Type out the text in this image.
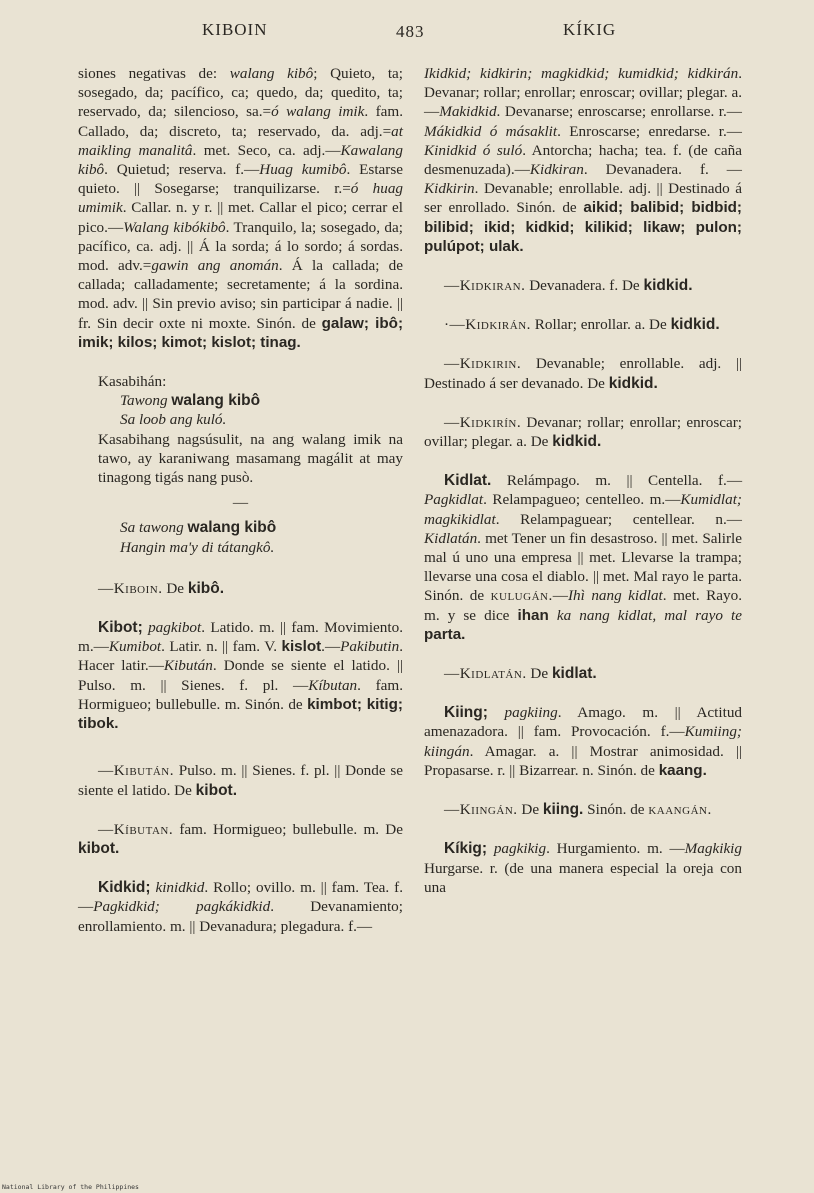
KIBOIN	483	KÍKIG

siones negativas de: walang kibô; Quieto, ta; sosegado, da; pacífico, ca; quedo, da; quedito, ta; reservado, da; silencioso, sa.=ó walang imik. fam. Callado, da; discreto, ta; reservado, da. adj.=at maikling manalitâ. met. Seco, ca. adj.—Kawalang kibô. Quietud; reserva. f.—Huag kumibô. Estarse quieto. || Sosegarse; tranquilizarse. r.=ó huag umimik. Callar. n. y r. || met. Callar el pico; cerrar el pico.—Walang kibókibô. Tranquilo, la; sosegado, da; pacífico, ca. adj. || Á la sorda; á lo sordo; á sordas. mod. adv.=gawin ang anomán. Á la callada; de callada; calladamente; secretamente; á la sordina. mod. adv. || Sin previo aviso; sin participar á nadie. || fr. Sin decir oxte ni moxte. Sinón. de galaw; ibô; imik; kilos; kimot; kislot; tinag.

Kasabihán:

Tawong walang kibô
Sa loob ang kuló.

Kasabihang nagsúsulit, na ang walang imik na tawo, ay karaniwang masamang magálit at may tinagong tigás nang pusò.

—

Sa tawong walang kibô
Hangin ma'y di tátangkô.

—Kiboin. De kibô.

Kibot; pagkibot. Latido. m. || fam. Movimiento. m.—Kumibot. Latir. n. || fam. V. kislot.—Pakibutin. Hacer latir.—Kibután. Donde se siente el latido. || Pulso. m. || Sienes. f. pl. —Kíbutan. fam. Hormigueo; bullebulle. m. Sinón. de kimbot; kitig; tibok.

—Kibután. Pulso. m. || Sienes. f. pl. || Donde se siente el latido. De kibot.

—Kíbutan. fam. Hormigueo; bullebulle. m. De kibot.

Kidkid; kinidkid. Rollo; ovillo. m. || fam. Tea. f.—Pagkidkid; pagkákidkid. Devanamiento; enrollamiento. m. || Devanadura; plegadura. f.—

Ikidkid; kidkirin; magkidkid; kumidkid; kidkirán. Devanar; rollar; enrollar; enroscar; ovillar; plegar. a. —Makidkid. Devanarse; enroscarse; enrollarse. r.—Mákidkid ó másaklit. Enroscarse; enredarse. r.—Kinidkid ó suló. Antorcha; hacha; tea. f. (de caña desmenuzada).—Kidkiran. Devanadera. f. —Kidkirin. Devanable; enrollable. adj. || Destinado á ser enrollado. Sinón. de aikid; balibid; bidbid; bilibid; ikid; kidkid; kilikid; likaw; pulon; pulúpot; ulak.

—Kidkiran. Devanadera. f. De kidkid.

·—Kidkirán. Rollar; enrollar. a. De kidkid.

—Kidkirin. Devanable; enrollable. adj. || Destinado á ser devanado. De kidkid.

—Kidkirín. Devanar; rollar; enrollar; enroscar; ovillar; plegar. a. De kidkid.

Kidlat. Relámpago. m. || Centella. f.—Pagkidlat. Relampagueo; centelleo. m.—Kumidlat; magkikidlat. Relampaguear; centellear. n.—Kidlatán. met Tener un fin desastroso. || met. Salirle mal ú uno una empresa || met. Llevarse la trampa; llevarse una cosa el diablo. || met. Mal rayo le parta. Sinón. de kulugán.—Ihì nang kidlat. met. Rayo. m. y se dice ihan ka nang kidlat, mal rayo te parta.

—Kidlatán. De kidlat.

Kiing; pagkiing. Amago. m. || Actitud amenazadora. || fam. Provocación. f.—Kumiing; kiingán. Amagar. a. || Mostrar animosidad. || Propasarse. r. || Bizarrear. n. Sinón. de kaang.

—Kiingán. De kiing. Sinón. de kaangán.

Kíkig; pagkikig. Hurgamiento. m. —Magkikig Hurgarse. r. (de una manera especial la oreja con una

National Library of the Philippines
